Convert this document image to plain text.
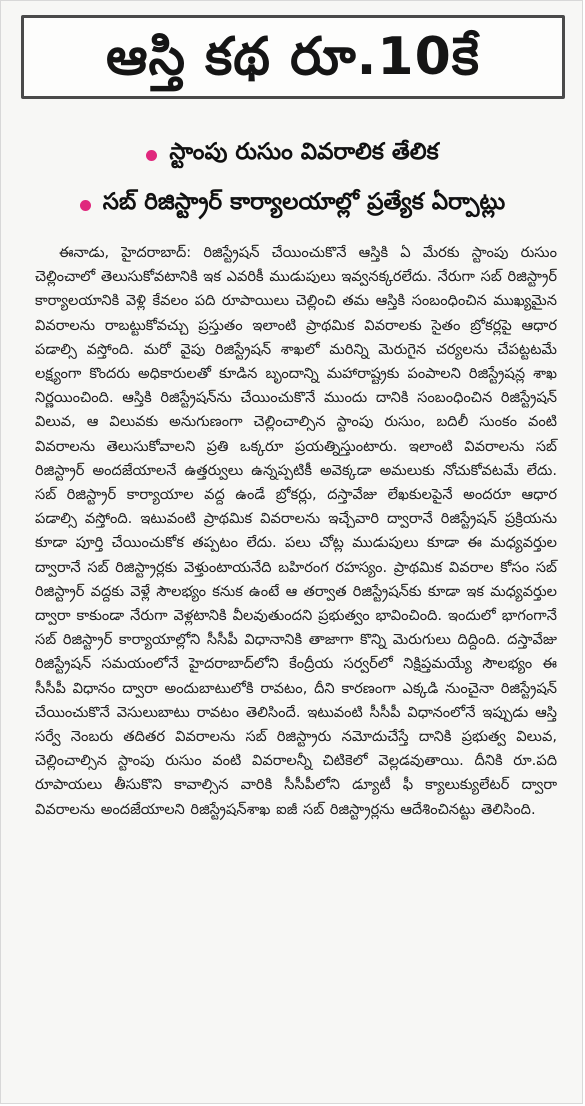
ఆస్తి కథ రూ.10కే
స్టాంపు రుసుం వివరాలిక తేలిక
సబ్‌ రిజిస్ట్రార్‌ కార్యాలయాల్లో ప్రత్యేక ఏర్పాట్లు
ఈనాడు, హైదరాబాద్‌: రిజిస్ట్రేషన్‌ చేయించుకొనే ఆస్తికి ఏ మేరకు స్టాంపు రుసుం చెల్లించాలో తెలుసుకోవటానికి ఇక ఎవరికీ ముడుపులు ఇవ్వనక్కరలేదు. నేరుగా సబ్‌ రిజిస్ట్రార్‌ కార్యాలయానికి వెళ్లి కేవలం పది రూపాయిలు చెల్లించి తమ ఆస్తికి సంబంధించిన ముఖ్యమైన వివరాలను రాబట్టుకోవచ్చు ప్రస్తుతం ఇలాంటి ప్రాథమిక వివరాలకు సైతం బ్రోకర్లపై ఆధార పడాల్సి వస్తోంది. మరో వైపు రిజిస్ట్రేషన్‌ శాఖలో మరిన్ని మెరుగైన చర్యలను చేపట్టటమే లక్ష్యంగా కొందరు అధికారులతో కూడిన బృందాన్ని మహారాష్ట్రకు పంపాలని రిజిస్ట్రేషన్ల శాఖ నిర్ణయించింది. ఆస్తికి రిజిస్ట్రేషన్‌ను చేయించుకొనే ముందు దానికి సంబంధించిన రిజిస్ట్రేషన్‌ విలువ, ఆ విలువకు అనుగుణంగా చెల్లించాల్సిన స్టాంపు రుసుం, బదిలీ సుంకం వంటి వివరాలను తెలుసుకోవాలని ప్రతి ఒక్కరూ ప్రయత్నిస్తుంటారు. ఇలాంటి వివరాలను సబ్‌ రిజిస్ట్రార్‌ అందజేయాలనే ఉత్తర్వులు ఉన్నప్పటికీ అవెక్కడా అమలుకు నోచుకోవటమే లేదు. సబ్‌ రిజిస్ట్రార్‌ కార్యాయాల వద్ద ఉండే బ్రోకర్లు, దస్తావేజు లేఖకులపైనే అందరూ ఆధార పడాల్సి వస్తోంది. ఇటువంటి ప్రాథమిక వివరాలను ఇచ్చేవారి ద్వారానే రిజిస్ట్రేషన్‌ ప్రక్రియను కూడా పూర్తి చేయించుకోక తప్పటం లేదు. పలు చోట్ల ముడుపులు కూడా ఈ మధ్యవర్తుల ద్వారానే సబ్‌ రిజిస్ట్రార్లకు వెళ్తుంటాయనేది బహిరంగ రహస్యం. ప్రాథమిక వివరాల కోసం సబ్‌ రిజిస్ట్రార్‌ వద్దకు వెళ్లే సౌలభ్యం కనుక ఉంటే ఆ తర్వాత రిజిస్ట్రేషన్‌కు కూడా ఇక మధ్యవర్తుల ద్వారా కాకుండా నేరుగా వెళ్లటానికి వీలవుతుందని ప్రభుత్వం భావించింది. ఇందులో భాగంగానే సబ్‌ రిజిస్ట్రార్‌ కార్యాయాల్లోని సీసీపీ విధానానికి తాజాగా కొన్ని మెరుగులు దిద్దింది. దస్తావేజు రిజిస్ట్రేషన్‌ సమయంలోనే హైదరాబాద్‌లోని కేంద్రీయ సర్వర్‌లో నిక్షిప్తమయ్యే సౌలభ్యం ఈ సీసీపీ విధానం ద్వారా అందుబాటులోకి రావటం, దీని కారణంగా ఎక్కడి నుంచైనా రిజిస్ట్రేషన్‌ చేయించుకొనే వెసులుబాటు రావటం తెలిసిందే. ఇటువంటి సీసీపీ విధానంలోనే ఇప్పుడు ఆస్తి సర్వే నెంబరు తదితర వివరాలను సబ్‌ రిజిస్ట్రారు నమోదుచేస్తే దానికి ప్రభుత్వ విలువ, చెల్లించాల్సిన స్టాంపు రుసుం వంటి వివరాలన్నీ చిటికెలో వెల్లడవుతాయి. దీనికి రూ.పది రూపాయలు తీసుకొని కావాల్సిన వారికి సీసీపీలోని డ్యూటీ ఫీ క్యాలుక్యులేటర్‌ ద్వారా వివరాలను అందజేయాలని రిజిస్ట్రేషన్‌శాఖ ఐజీ సబ్‌ రిజిస్ట్రార్లను ఆదేశించినట్టు తెలిసింది.
